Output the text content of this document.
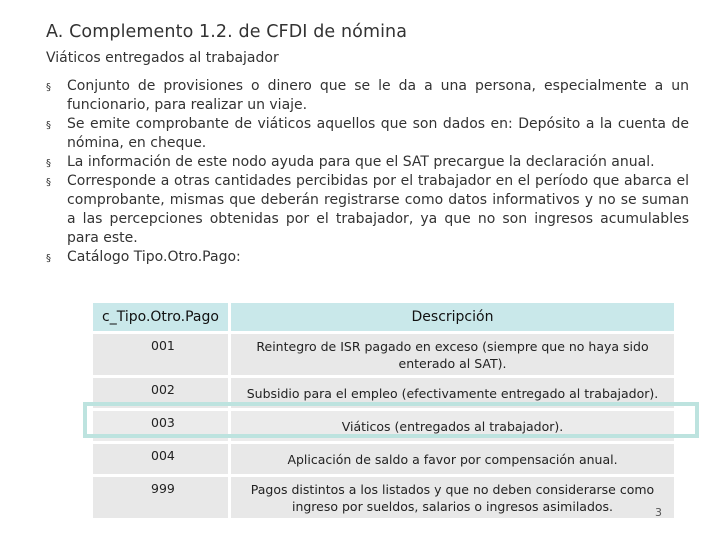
A. Complemento 1.2. de CFDI de nómina
Viáticos entregados al trabajador
§ Conjunto de provisiones o dinero que se le da a una persona, especialmente a un funcionario, para realizar un viaje.
§ Se emite comprobante de viáticos aquellos que son dados en: Depósito a la cuenta de nómina, en cheque.
§ La información de este nodo ayuda para que el SAT precargue la declaración anual.
§ Corresponde a otras cantidades percibidas por el trabajador en el período que abarca el comprobante, mismas que deberán registrarse como datos informativos y no se suman a las percepciones obtenidas por el trabajador, ya que no son ingresos acumulables para este.
§ Catálogo Tipo.Otro.Pago:
c_Tipo.Otro.Pago	Descripción
001	Reintegro de ISR pagado en exceso (siempre que no haya sido enterado al SAT).
002	Subsidio para el empleo (efectivamente entregado al trabajador).
003	Viáticos (entregados al trabajador).
004	Aplicación de saldo a favor por compensación anual.
999	Pagos distintos a los listados y que no deben considerarse como ingreso por sueldos, salarios o ingresos asimilados.	3
